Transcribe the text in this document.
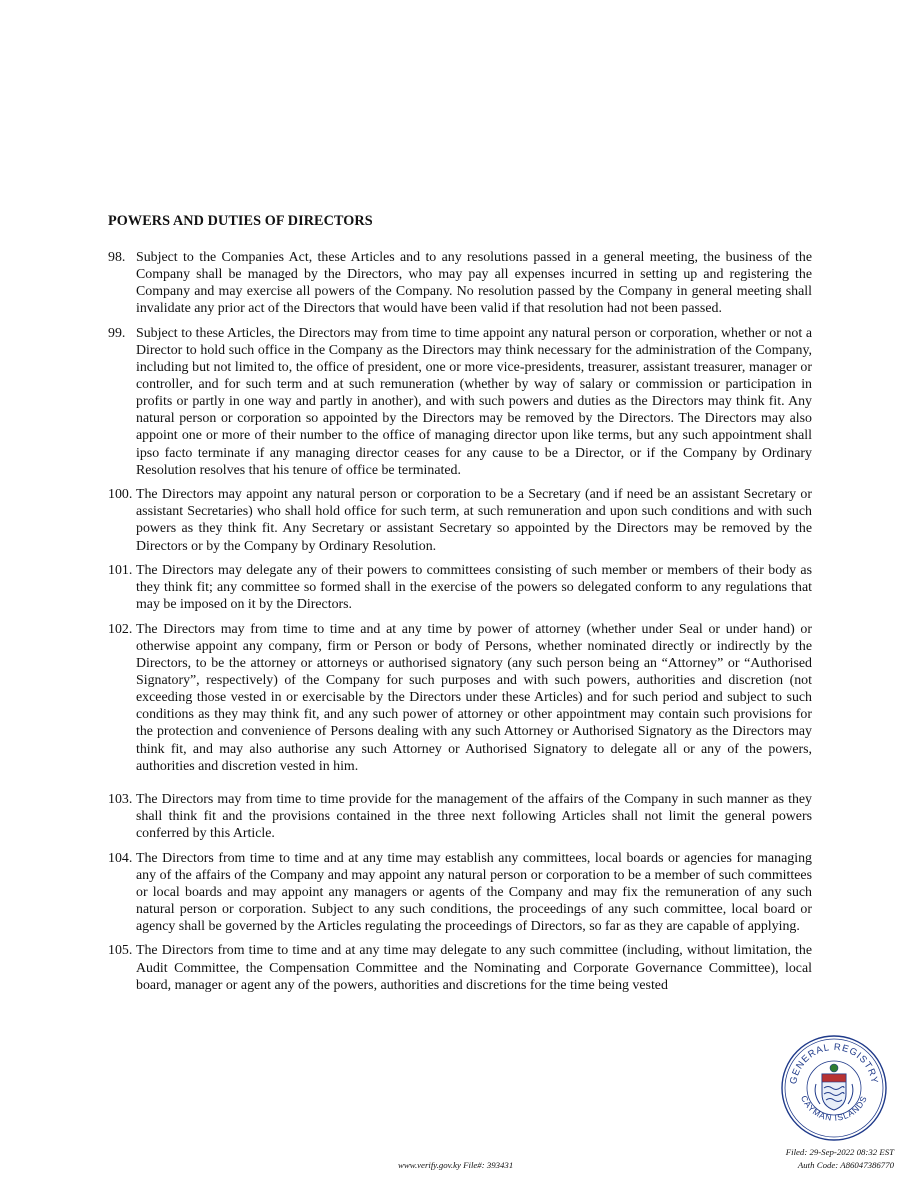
POWERS AND DUTIES OF DIRECTORS
98. Subject to the Companies Act, these Articles and to any resolutions passed in a general meeting, the business of the Company shall be managed by the Directors, who may pay all expenses incurred in setting up and registering the Company and may exercise all powers of the Company. No resolution passed by the Company in general meeting shall invalidate any prior act of the Directors that would have been valid if that resolution had not been passed.
99. Subject to these Articles, the Directors may from time to time appoint any natural person or corporation, whether or not a Director to hold such office in the Company as the Directors may think necessary for the administration of the Company, including but not limited to, the office of president, one or more vice-presidents, treasurer, assistant treasurer, manager or controller, and for such term and at such remuneration (whether by way of salary or commission or participation in profits or partly in one way and partly in another), and with such powers and duties as the Directors may think fit. Any natural person or corporation so appointed by the Directors may be removed by the Directors. The Directors may also appoint one or more of their number to the office of managing director upon like terms, but any such appointment shall ipso facto terminate if any managing director ceases for any cause to be a Director, or if the Company by Ordinary Resolution resolves that his tenure of office be terminated.
100. The Directors may appoint any natural person or corporation to be a Secretary (and if need be an assistant Secretary or assistant Secretaries) who shall hold office for such term, at such remuneration and upon such conditions and with such powers as they think fit. Any Secretary or assistant Secretary so appointed by the Directors may be removed by the Directors or by the Company by Ordinary Resolution.
101. The Directors may delegate any of their powers to committees consisting of such member or members of their body as they think fit; any committee so formed shall in the exercise of the powers so delegated conform to any regulations that may be imposed on it by the Directors.
102. The Directors may from time to time and at any time by power of attorney (whether under Seal or under hand) or otherwise appoint any company, firm or Person or body of Persons, whether nominated directly or indirectly by the Directors, to be the attorney or attorneys or authorised signatory (any such person being an “Attorney” or “Authorised Signatory”, respectively) of the Company for such purposes and with such powers, authorities and discretion (not exceeding those vested in or exercisable by the Directors under these Articles) and for such period and subject to such conditions as they may think fit, and any such power of attorney or other appointment may contain such provisions for the protection and convenience of Persons dealing with any such Attorney or Authorised Signatory as the Directors may think fit, and may also authorise any such Attorney or Authorised Signatory to delegate all or any of the powers, authorities and discretion vested in him.
103. The Directors may from time to time provide for the management of the affairs of the Company in such manner as they shall think fit and the provisions contained in the three next following Articles shall not limit the general powers conferred by this Article.
104. The Directors from time to time and at any time may establish any committees, local boards or agencies for managing any of the affairs of the Company and may appoint any natural person or corporation to be a member of such committees or local boards and may appoint any managers or agents of the Company and may fix the remuneration of any such natural person or corporation. Subject to any such conditions, the proceedings of any such committee, local board or agency shall be governed by the Articles regulating the proceedings of Directors, so far as they are capable of applying.
105. The Directors from time to time and at any time may delegate to any such committee (including, without limitation, the Audit Committee, the Compensation Committee and the Nominating and Corporate Governance Committee), local board, manager or agent any of the powers, authorities and discretions for the time being vested
GENERAL REGISTRY
CAYMAN ISLANDS
www.verify.gov.ky File#: 393431
Filed: 29-Sep-2022 08:32 EST
Auth Code: A86047386770
